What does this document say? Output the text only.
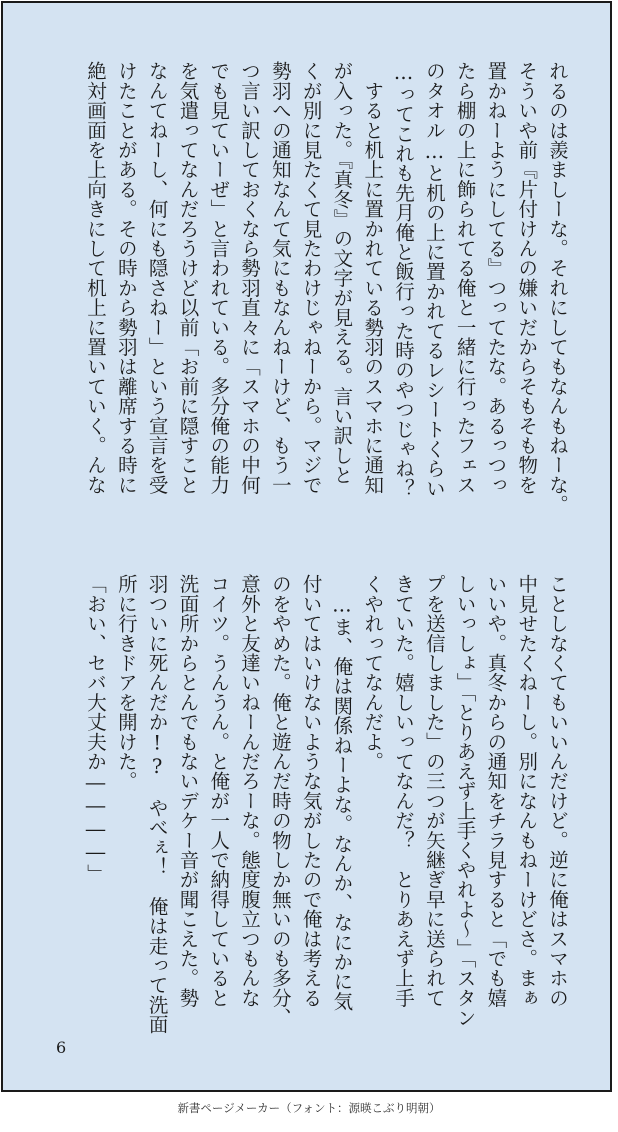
れるのは羨ましーな。それにしてもなんもねーな。
そういや前『片付けんの嫌いだからそもそも物を
置かねーようにしてる』つってたな。あるっつっ
たら棚の上に飾られてる俺と一緒に行ったフェス
のタオル…と机の上に置かれてるレシートくらい
…ってこれも先月俺と飯行った時のやつじゃね？
　すると机上に置かれている勢羽のスマホに通知
が入った。『真冬』の文字が見える。言い訳しと
くが別に見たくて見たわけじゃねーから。マジで
勢羽への通知なんて気にもなんねーけど、もう一
つ言い訳しておくなら勢羽直々に「スマホの中何
でも見ていーぜ」と言われている。多分俺の能力
を気遣ってなんだろうけど以前「お前に隠すこと
なんてねーし、何にも隠さねー」という宣言を受
けたことがある。その時から勢羽は離席する時に
絶対画面を上向きにして机上に置いていく。んな
ことしなくてもいいんだけど。逆に俺はスマホの
中見せたくねーし。別になんもねーけどさ。まぁ
いいや。真冬からの通知をチラ見すると「でも嬉
しいっしょ」「とりあえず上手くやれよ～」「スタン
プを送信しました」の三つが矢継ぎ早に送られて
きていた。嬉しいってなんだ？　とりあえず上手
くやれってなんだよ。
　…ま、俺は関係ねーよな。なんか、なにかに気
付いてはいけないような気がしたので俺は考える
のをやめた。俺と遊んだ時の物しか無いのも多分、
意外と友達いねーんだろーな。態度腹立つもんな
コイツ。うんうん。と俺が一人で納得していると
洗面所からとんでもないデケー音が聞こえた。勢
羽ついに死んだか!?　やべぇ！　俺は走って洗面
所に行きドアを開けた。
「おい、セバ大丈夫か――――」
6
新書ページメーカー（フォント：源暎こぶり明朝）
